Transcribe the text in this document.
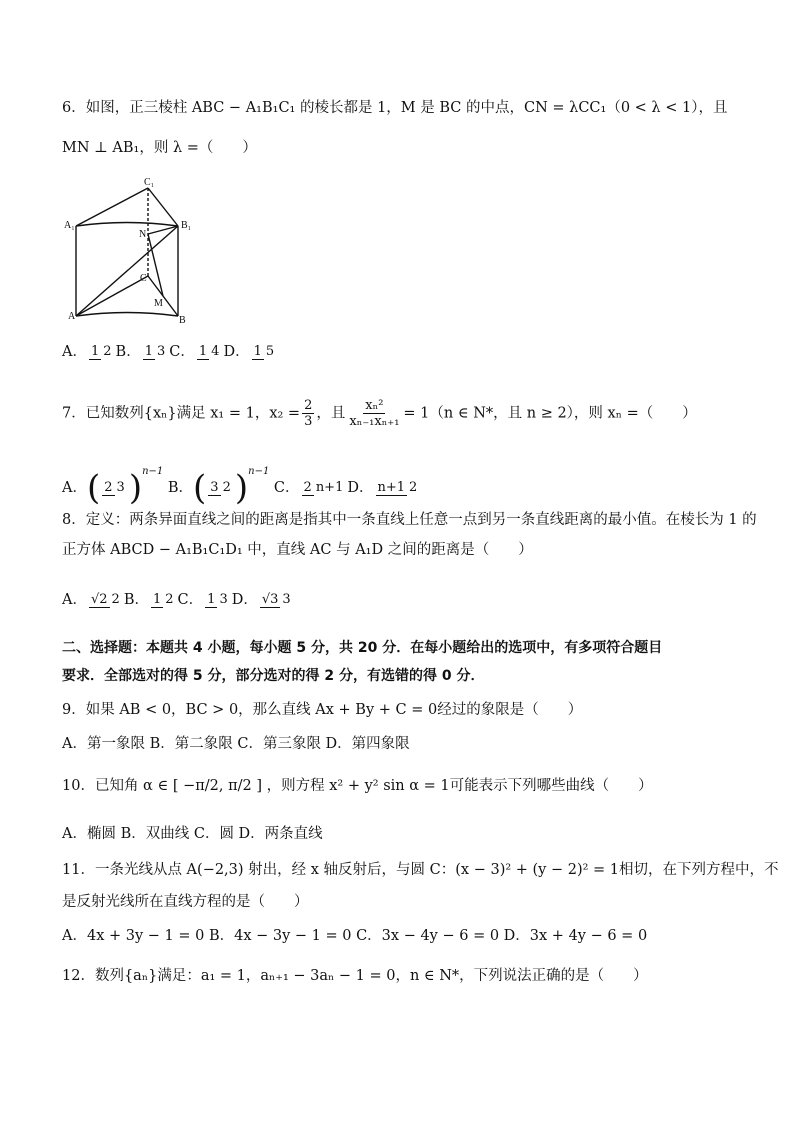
6．如图，正三棱柱 ABC − A₁B₁C₁ 的棱长都是 1，M 是 BC 的中点，CN = λCC₁（0 < λ < 1），且
MN ⊥ AB₁，则 λ =（　　）
C₁
A₁	B₁
N
C
M
A	B
A． 1 2 B． 1 3 C． 1 4 D． 1 5
7．已知数列{xₙ}满足 x₁ = 1，$x_2 = \frac{2}{3}$ ，且 $\frac{\text{xₙ²}}{\text{xₙ₋₁xₙ₊₁}} = 1(n$ ∈ N*，且 n ≥ 2），则 xₙ =（　　）
A．( 2 3 )n−1 B．( 3 2 )n−1 C． 2 n+1 D． n+1 2
8．定义：两条异面直线之间的距离是指其中一条直线上任意一点到另一条直线距离的最小值。在棱长为 1 的
正方体 ABCD − A₁B₁C₁D₁ 中，直线 AC 与 A₁D 之间的距离是（　　）
A． √2 2 B． 1 2 C． 1 3 D． √3 3
二、选择题：本题共 4 小题，每小题 5 分，共 20 分．在每小题给出的选项中，有多项符合题目
要求．全部选对的得 5 分，部分选对的得 2 分，有选错的得 0 分．
9．如果 AB < 0，BC > 0，那么直线 Ax + By + C = 0经过的象限是（　　）
A．第一象限 B．第二象限 C．第三象限 D．第四象限
10．已知角 α ∈ [ −π/2, π/2 ] ，则方程 x² + y² sin α = 1可能表示下列哪些曲线（　　）
A．椭圆 B．双曲线 C．圆 D．两条直线
11．一条光线从点 A(−2,3) 射出，经 x 轴反射后，与圆 C：(x − 3)² + (y − 2)² = 1相切，在下列方程中，不
是反射光线所在直线方程的是（　　）
A．4x + 3y − 1 = 0 B．4x − 3y − 1 = 0 C．3x − 4y − 6 = 0 D．3x + 4y − 6 = 0
12．数列{aₙ}满足：a₁ = 1，aₙ₊₁ − 3aₙ − 1 = 0，n ∈ N*，下列说法正确的是（　　）
